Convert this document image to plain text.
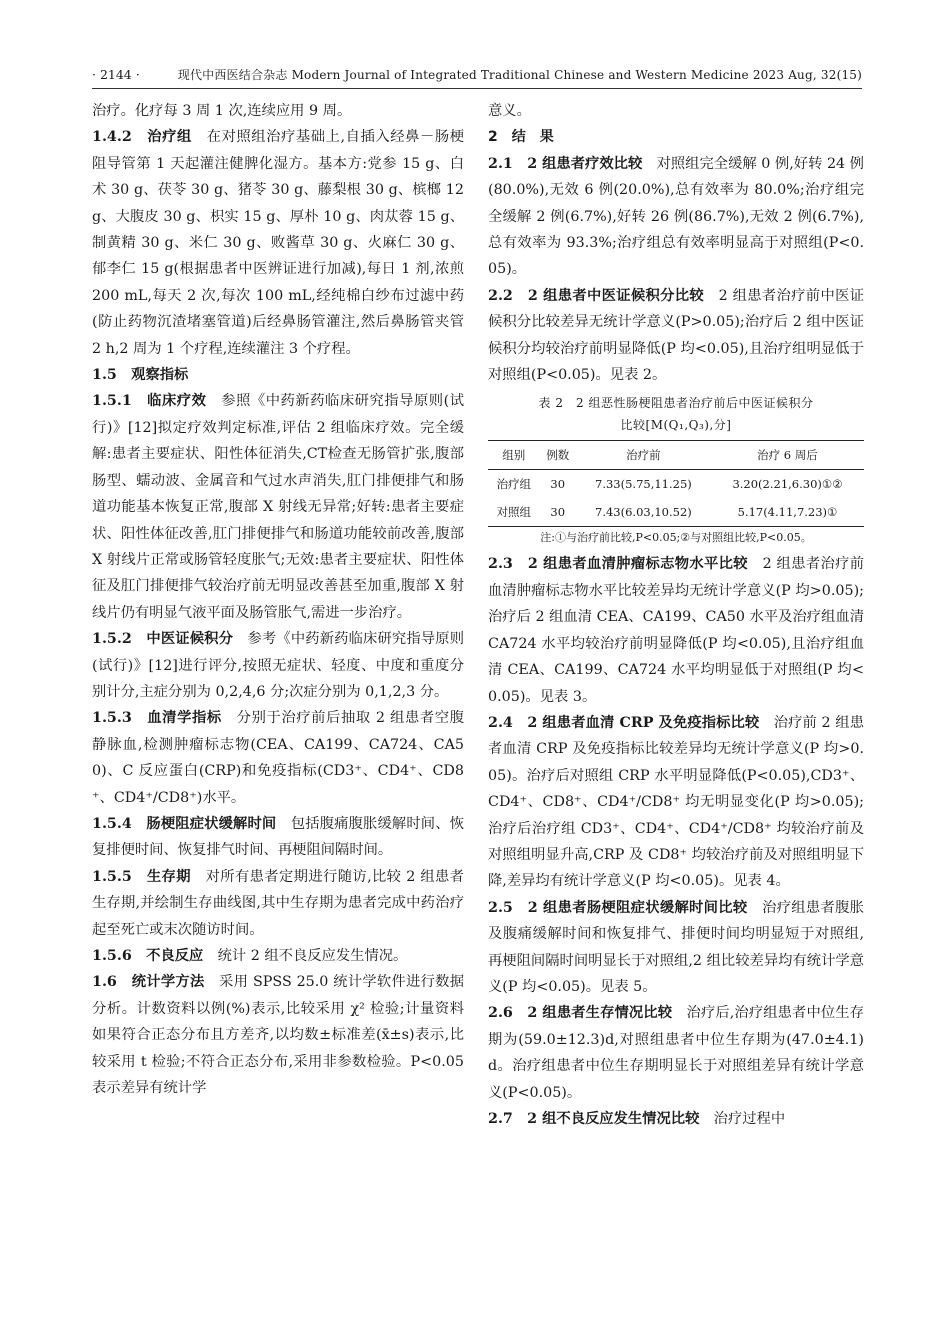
· 2144 ·	现代中西医结合杂志 Modern Journal of Integrated Traditional Chinese and Western Medicine 2023 Aug, 32(15)

治疗。化疗每 3 周 1 次,连续应用 9 周。

1.4.2　治疗组　在对照组治疗基础上,自插入经鼻－肠梗阻导管第 1 天起灌注健脾化湿方。基本方:党参 15 g、白术 30 g、茯苓 30 g、猪苓 30 g、藤梨根 30 g、槟榔 12 g、大腹皮 30 g、枳实 15 g、厚朴 10 g、肉苁蓉 15 g、制黄精 30 g、米仁 30 g、败酱草 30 g、火麻仁 30 g、郁李仁 15 g(根据患者中医辨证进行加减),每日 1 剂,浓煎 200 mL,每天 2 次,每次 100 mL,经纯棉白纱布过滤中药(防止药物沉渣堵塞管道)后经鼻肠管灌注,然后鼻肠管夹管 2 h,2 周为 1 个疗程,连续灌注 3 个疗程。

1.5　观察指标

1.5.1　临床疗效　参照《中药新药临床研究指导原则(试行)》[12]拟定疗效判定标准,评估 2 组临床疗效。完全缓解:患者主要症状、阳性体征消失,CT检查无肠管扩张,腹部肠型、蠕动波、金属音和气过水声消失,肛门排便排气和肠道功能基本恢复正常,腹部 X 射线无异常;好转:患者主要症状、阳性体征改善,肛门排便排气和肠道功能较前改善,腹部 X 射线片正常或肠管轻度胀气;无效:患者主要症状、阳性体征及肛门排便排气较治疗前无明显改善甚至加重,腹部 X 射线片仍有明显气液平面及肠管胀气,需进一步治疗。

1.5.2　中医证候积分　参考《中药新药临床研究指导原则(试行)》[12]进行评分,按照无症状、轻度、中度和重度分别计分,主症分别为 0,2,4,6 分;次症分别为 0,1,2,3 分。

1.5.3　血清学指标　分别于治疗前后抽取 2 组患者空腹静脉血,检测肿瘤标志物(CEA、CA199、CA724、CA50)、C 反应蛋白(CRP)和免疫指标(CD3⁺、CD4⁺、CD8⁺、CD4⁺/CD8⁺)水平。

1.5.4　肠梗阻症状缓解时间　包括腹痛腹胀缓解时间、恢复排便时间、恢复排气时间、再梗阻间隔时间。

1.5.5　生存期　对所有患者定期进行随访,比较 2 组患者生存期,并绘制生存曲线图,其中生存期为患者完成中药治疗起至死亡或末次随访时间。

1.5.6　不良反应　统计 2 组不良反应发生情况。

1.6　统计学方法　采用 SPSS 25.0 统计学软件进行数据分析。计数资料以例(%)表示,比较采用 χ² 检验;计量资料如果符合正态分布且方差齐,以均数±标准差(x̄±s)表示,比较采用 t 检验;不符合正态分布,采用非参数检验。P<0.05 表示差异有统计学

意义。

2　结　果

2.1　2 组患者疗效比较　对照组完全缓解 0 例,好转 24 例(80.0%),无效 6 例(20.0%),总有效率为 80.0%;治疗组完全缓解 2 例(6.7%),好转 26 例(86.7%),无效 2 例(6.7%),总有效率为 93.3%;治疗组总有效率明显高于对照组(P<0.05)。

2.2　2 组患者中医证候积分比较　2 组患者治疗前中医证候积分比较差异无统计学意义(P>0.05);治疗后 2 组中医证候积分均较治疗前明显降低(P 均<0.05),且治疗组明显低于对照组(P<0.05)。见表 2。

表 2　2 组恶性肠梗阻患者治疗前后中医证候积分
比较[M(Q₁,Q₃),分]
组别	例数	治疗前	治疗 6 周后
治疗组	30	7.33(5.75,11.25)	3.20(2.21,6.30)①②
对照组	30	7.43(6.03,10.52)	5.17(4.11,7.23)①
注:①与治疗前比较,P<0.05;②与对照组比较,P<0.05。

2.3　2 组患者血清肿瘤标志物水平比较　2 组患者治疗前血清肿瘤标志物水平比较差异均无统计学意义(P 均>0.05);治疗后 2 组血清 CEA、CA199、CA50 水平及治疗组血清 CA724 水平均较治疗前明显降低(P 均<0.05),且治疗组血清 CEA、CA199、CA724 水平均明显低于对照组(P 均<0.05)。见表 3。

2.4　2 组患者血清 CRP 及免疫指标比较　治疗前 2 组患者血清 CRP 及免疫指标比较差异均无统计学意义(P 均>0.05)。治疗后对照组 CRP 水平明显降低(P<0.05),CD3⁺、CD4⁺、CD8⁺、CD4⁺/CD8⁺ 均无明显变化(P 均>0.05);治疗后治疗组 CD3⁺、CD4⁺、CD4⁺/CD8⁺ 均较治疗前及对照组明显升高,CRP 及 CD8⁺ 均较治疗前及对照组明显下降,差异均有统计学意义(P 均<0.05)。见表 4。

2.5　2 组患者肠梗阻症状缓解时间比较　治疗组患者腹胀及腹痛缓解时间和恢复排气、排便时间均明显短于对照组,再梗阻间隔时间明显长于对照组,2 组比较差异均有统计学意义(P 均<0.05)。见表 5。

2.6　2 组患者生存情况比较　治疗后,治疗组患者中位生存期为(59.0±12.3)d,对照组患者中位生存期为(47.0±4.1)d。治疗组患者中位生存期明显长于对照组差异有统计学意义(P<0.05)。

2.7　2 组不良反应发生情况比较　治疗过程中
